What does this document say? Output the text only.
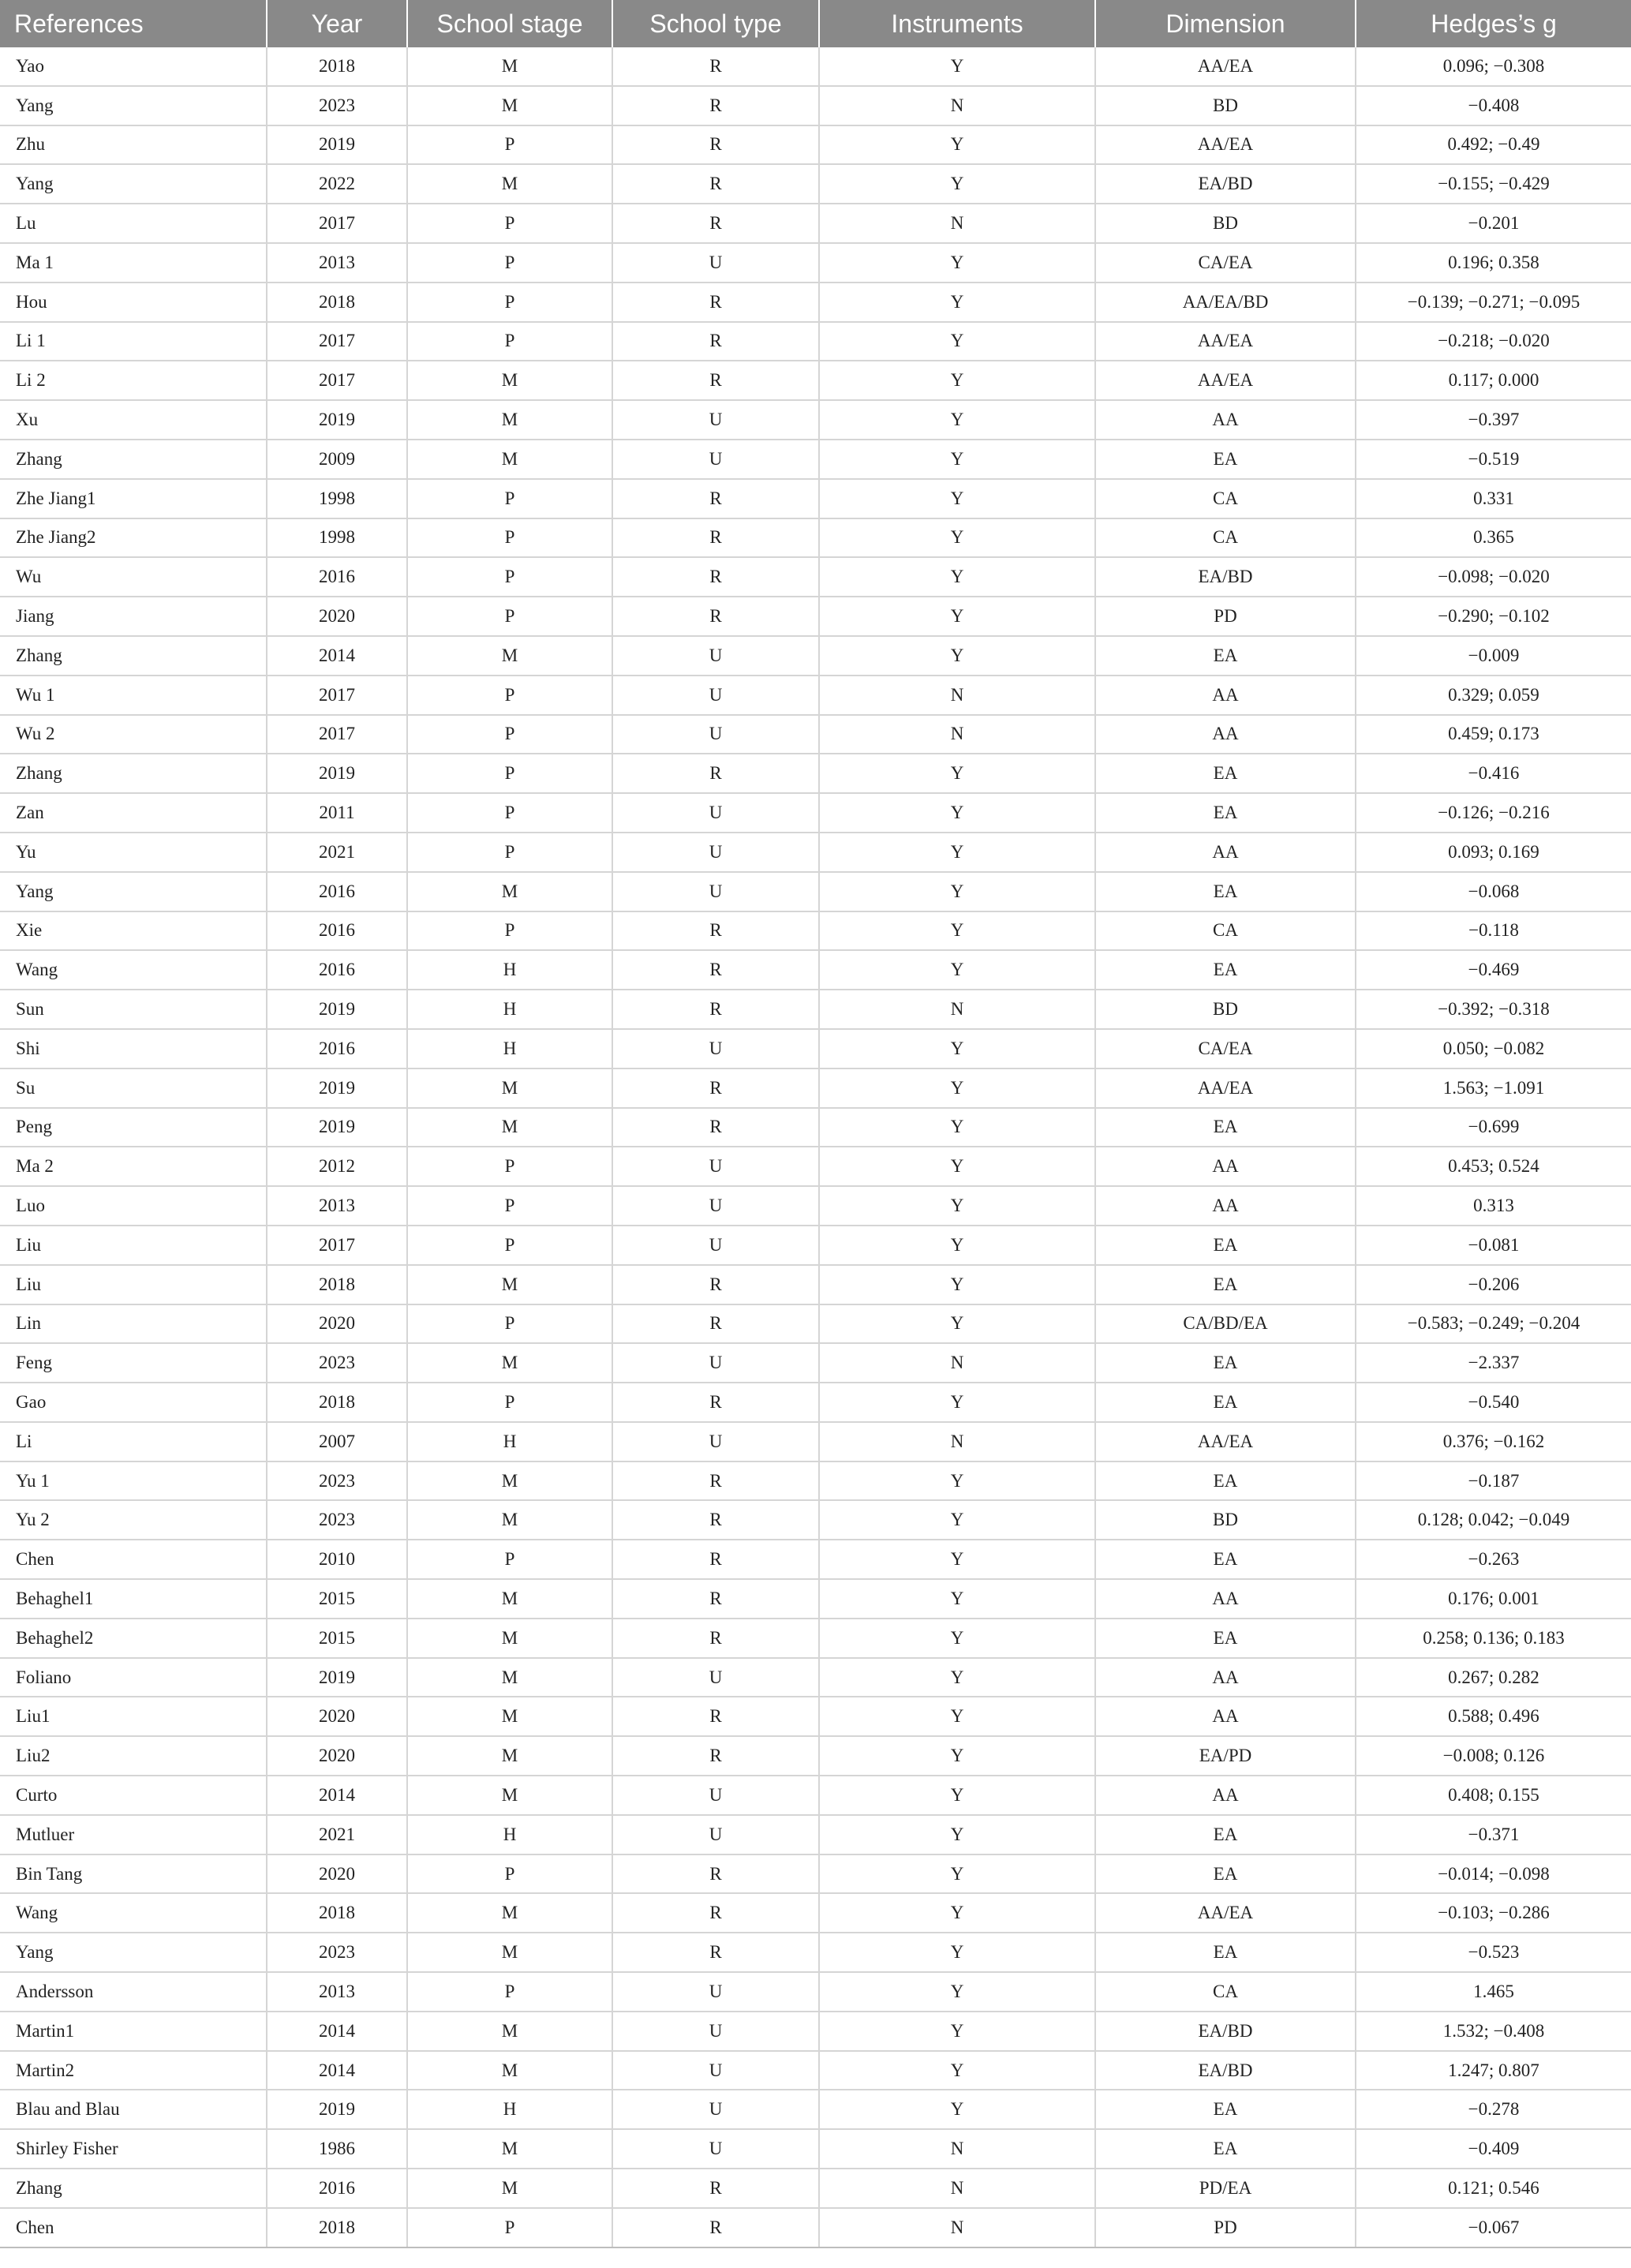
References	Year	School stage	School type	Instruments	Dimension	Hedges’s g
Yao	2018	M	R	Y	AA/EA	0.096; −0.308
Yang	2023	M	R	N	BD	−0.408
Zhu	2019	P	R	Y	AA/EA	0.492; −0.49
Yang	2022	M	R	Y	EA/BD	−0.155; −0.429
Lu	2017	P	R	N	BD	−0.201
Ma 1	2013	P	U	Y	CA/EA	0.196; 0.358
Hou	2018	P	R	Y	AA/EA/BD	−0.139; −0.271; −0.095
Li 1	2017	P	R	Y	AA/EA	−0.218; −0.020
Li 2	2017	M	R	Y	AA/EA	0.117; 0.000
Xu	2019	M	U	Y	AA	−0.397
Zhang	2009	M	U	Y	EA	−0.519
Zhe Jiang1	1998	P	R	Y	CA	0.331
Zhe Jiang2	1998	P	R	Y	CA	0.365
Wu	2016	P	R	Y	EA/BD	−0.098; −0.020
Jiang	2020	P	R	Y	PD	−0.290; −0.102
Zhang	2014	M	U	Y	EA	−0.009
Wu 1	2017	P	U	N	AA	0.329; 0.059
Wu 2	2017	P	U	N	AA	0.459; 0.173
Zhang	2019	P	R	Y	EA	−0.416
Zan	2011	P	U	Y	EA	−0.126; −0.216
Yu	2021	P	U	Y	AA	0.093; 0.169
Yang	2016	M	U	Y	EA	−0.068
Xie	2016	P	R	Y	CA	−0.118
Wang	2016	H	R	Y	EA	−0.469
Sun	2019	H	R	N	BD	−0.392; −0.318
Shi	2016	H	U	Y	CA/EA	0.050; −0.082
Su	2019	M	R	Y	AA/EA	1.563; −1.091
Peng	2019	M	R	Y	EA	−0.699
Ma 2	2012	P	U	Y	AA	0.453; 0.524
Luo	2013	P	U	Y	AA	0.313
Liu	2017	P	U	Y	EA	−0.081
Liu	2018	M	R	Y	EA	−0.206
Lin	2020	P	R	Y	CA/BD/EA	−0.583; −0.249; −0.204
Feng	2023	M	U	N	EA	−2.337
Gao	2018	P	R	Y	EA	−0.540
Li	2007	H	U	N	AA/EA	0.376; −0.162
Yu 1	2023	M	R	Y	EA	−0.187
Yu 2	2023	M	R	Y	BD	0.128; 0.042; −0.049
Chen	2010	P	R	Y	EA	−0.263
Behaghel1	2015	M	R	Y	AA	0.176; 0.001
Behaghel2	2015	M	R	Y	EA	0.258; 0.136; 0.183
Foliano	2019	M	U	Y	AA	0.267; 0.282
Liu1	2020	M	R	Y	AA	0.588; 0.496
Liu2	2020	M	R	Y	EA/PD	−0.008; 0.126
Curto	2014	M	U	Y	AA	0.408; 0.155
Mutluer	2021	H	U	Y	EA	−0.371
Bin Tang	2020	P	R	Y	EA	−0.014; −0.098
Wang	2018	M	R	Y	AA/EA	−0.103; −0.286
Yang	2023	M	R	Y	EA	−0.523
Andersson	2013	P	U	Y	CA	1.465
Martin1	2014	M	U	Y	EA/BD	1.532; −0.408
Martin2	2014	M	U	Y	EA/BD	1.247; 0.807
Blau and Blau	2019	H	U	Y	EA	−0.278
Shirley Fisher	1986	M	U	N	EA	−0.409
Zhang	2016	M	R	N	PD/EA	0.121; 0.546
Chen	2018	P	R	N	PD	−0.067
